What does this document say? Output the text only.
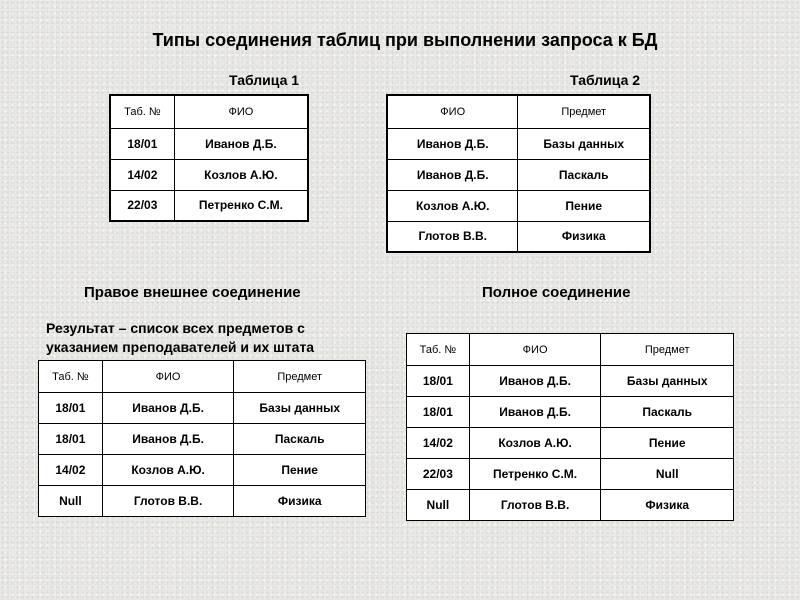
Типы соединения таблиц при выполнении запроса к БД
Таблица 1	Таблица 2
Таб. №	ФИО
18/01	Иванов Д.Б.
14/02	Козлов А.Ю.
22/03	Петренко С.М.
ФИО	Предмет
Иванов Д.Б.	Базы данных
Иванов Д.Б.	Паскаль
Козлов А.Ю.	Пение
Глотов В.В.	Физика
Правое внешнее соединение	Полное соединение
Результат – список всех предметов с указанием преподавателей и их штата
Таб. №	ФИО	Предмет
18/01	Иванов Д.Б.	Базы данных
18/01	Иванов Д.Б.	Паскаль
14/02	Козлов А.Ю.	Пение
Null	Глотов В.В.	Физика
Таб. №	ФИО	Предмет
18/01	Иванов Д.Б.	Базы данных
18/01	Иванов Д.Б.	Паскаль
14/02	Козлов А.Ю.	Пение
22/03	Петренко С.М.	Null
Null	Глотов В.В.	Физика
